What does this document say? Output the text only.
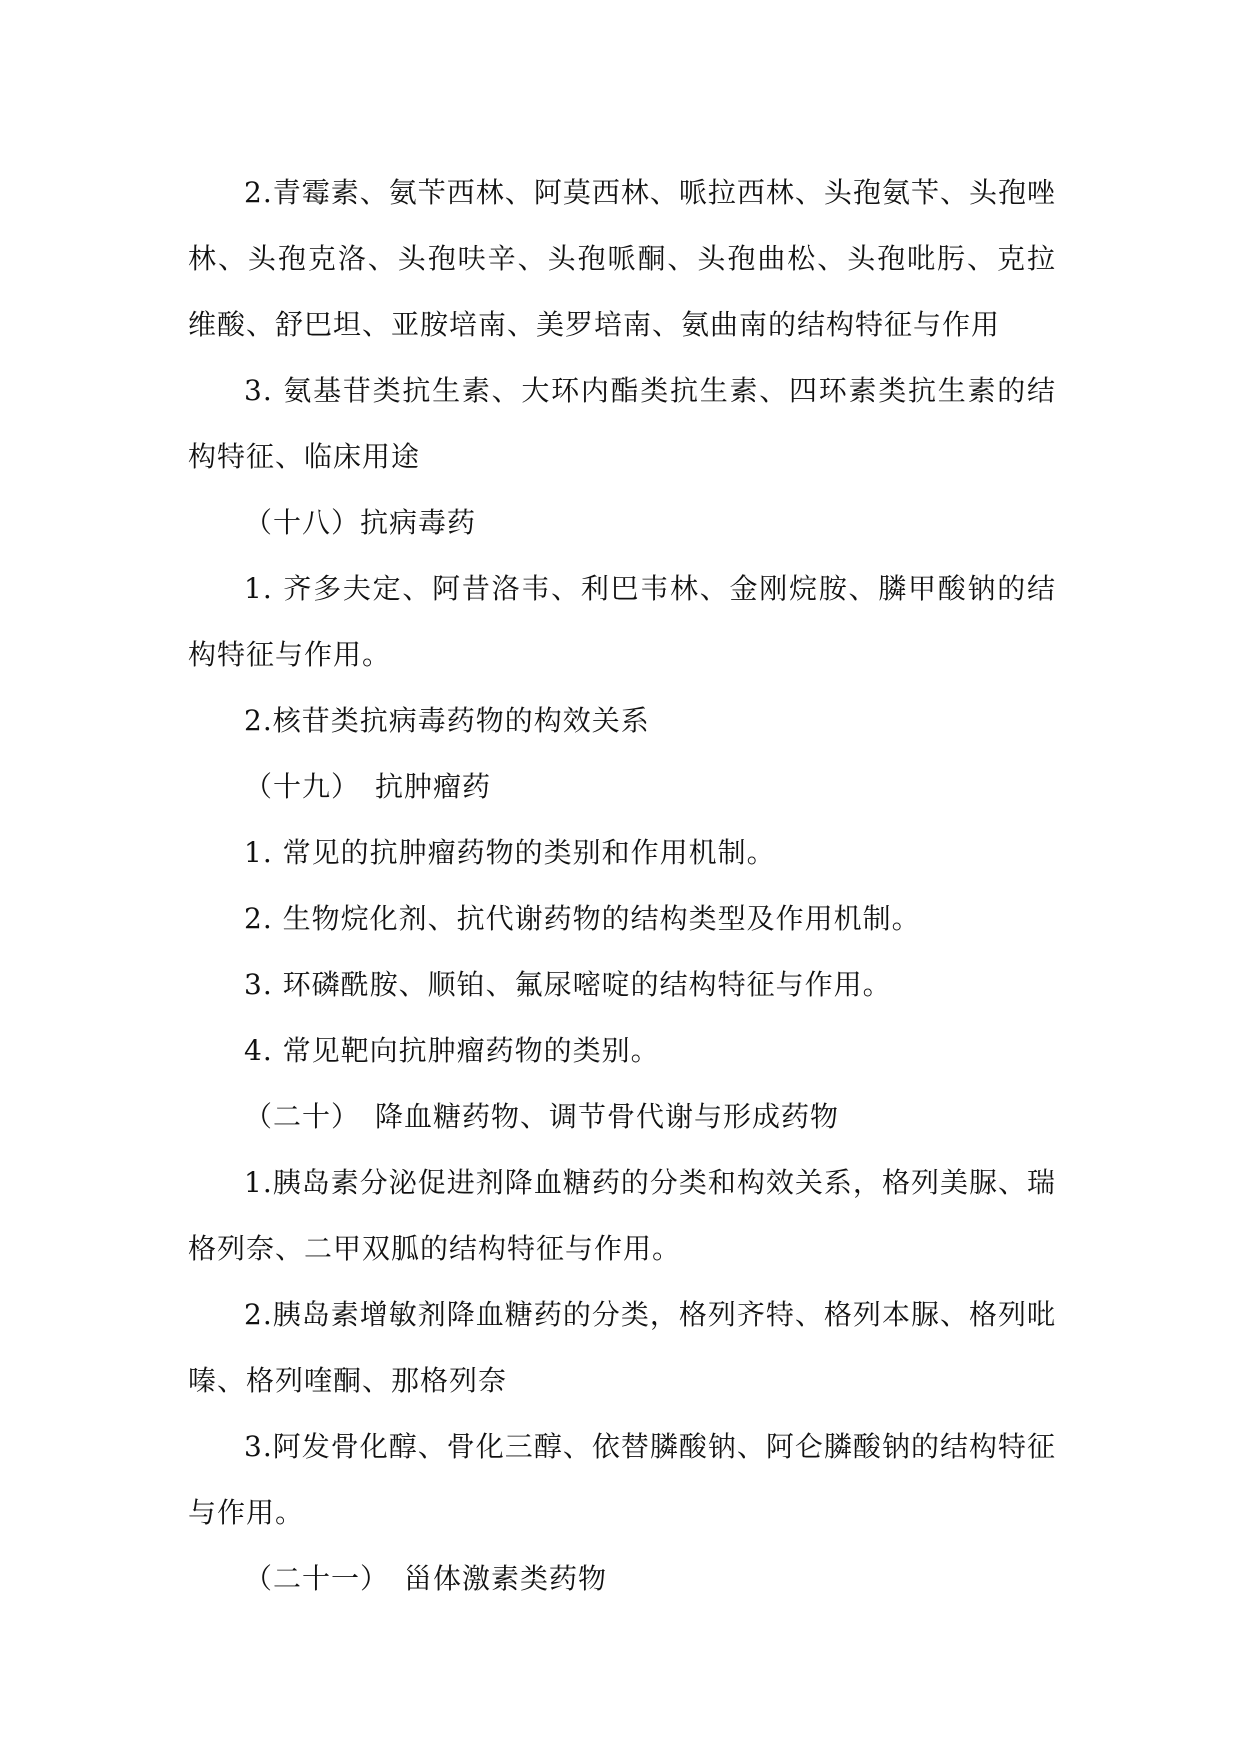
2.青霉素、氨苄西林、阿莫西林、哌拉西林、头孢氨苄、头孢唑林、头孢克洛、头孢呋辛、头孢哌酮、头孢曲松、头孢吡肟、克拉维酸、舒巴坦、亚胺培南、美罗培南、氨曲南的结构特征与作用

3. 氨基苷类抗生素、大环内酯类抗生素、四环素类抗生素的结构特征、临床用途

（十八）抗病毒药

1. 齐多夫定、阿昔洛韦、利巴韦林、金刚烷胺、膦甲酸钠的结构特征与作用。

2.核苷类抗病毒药物的构效关系

（十九）　抗肿瘤药

1. 常见的抗肿瘤药物的类别和作用机制。

2. 生物烷化剂、抗代谢药物的结构类型及作用机制。

3. 环磷酰胺、顺铂、氟尿嘧啶的结构特征与作用。

4. 常见靶向抗肿瘤药物的类别。

（二十）　降血糖药物、调节骨代谢与形成药物

1.胰岛素分泌促进剂降血糖药的分类和构效关系，格列美脲、瑞格列奈、二甲双胍的结构特征与作用。

2.胰岛素增敏剂降血糖药的分类，格列齐特、格列本脲、格列吡嗪、格列喹酮、那格列奈

3.阿发骨化醇、骨化三醇、依替膦酸钠、阿仑膦酸钠的结构特征与作用。

（二十一）　甾体激素类药物
